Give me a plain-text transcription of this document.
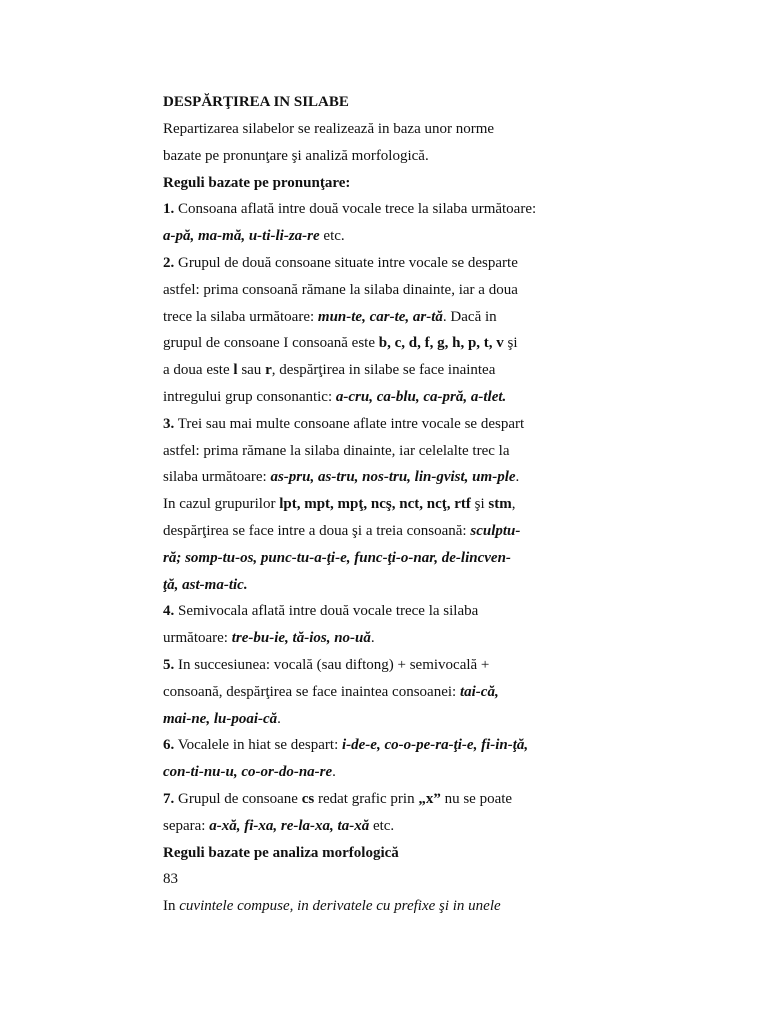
DESPĂRŢIREA IN SILABE
Repartizarea silabelor se realizează in baza unor norme
bazate pe pronunţare şi analiză morfologică.
Reguli bazate pe pronunţare:
1. Consoana aflată intre două vocale trece la silaba următoare:
a-pă, ma-mă, u-ti-li-za-re etc.
2. Grupul de două consoane situate intre vocale se desparte
astfel: prima consoană rămane la silaba dinainte, iar a doua
trece la silaba următoare: mun-te, car-te, ar-tă. Dacă in
grupul de consoane I consoană este b, c, d, f, g, h, p, t, v şi
a doua este l sau r, despărţirea in silabe se face inaintea
intregului grup consonantic: a-cru, ca-blu, ca-pră, a-tlet.
3. Trei sau mai multe consoane aflate intre vocale se despart
astfel: prima rămane la silaba dinainte, iar celelalte trec la
silaba următoare: as-pru, as-tru, nos-tru, lin-gvist, um-ple.
In cazul grupurilor lpt, mpt, mpţ, ncş, nct, ncţ, rtf şi stm,
despărţirea se face intre a doua şi a treia consoană: sculptu-
ră; somp-tu-os, punc-tu-a-ţi-e, func-ţi-o-nar, de-lincven-
ţă, ast-ma-tic.
4. Semivocala aflată intre două vocale trece la silaba
următoare: tre-bu-ie, tă-ios, no-uă.
5. In succesiunea: vocală (sau diftong) + semivocală +
consoană, despărţirea se face inaintea consoanei: tai-că,
mai-ne, lu-poai-că.
6. Vocalele in hiat se despart: i-de-e, co-o-pe-ra-ţi-e, fi-in-ţă,
con-ti-nu-u, co-or-do-na-re.
7. Grupul de consoane cs redat grafic prin „x” nu se poate
separa: a-xă, fi-xa, re-la-xa, ta-xă etc.
Reguli bazate pe analiza morfologică
83
In cuvintele compuse, in derivatele cu prefixe şi in unele
